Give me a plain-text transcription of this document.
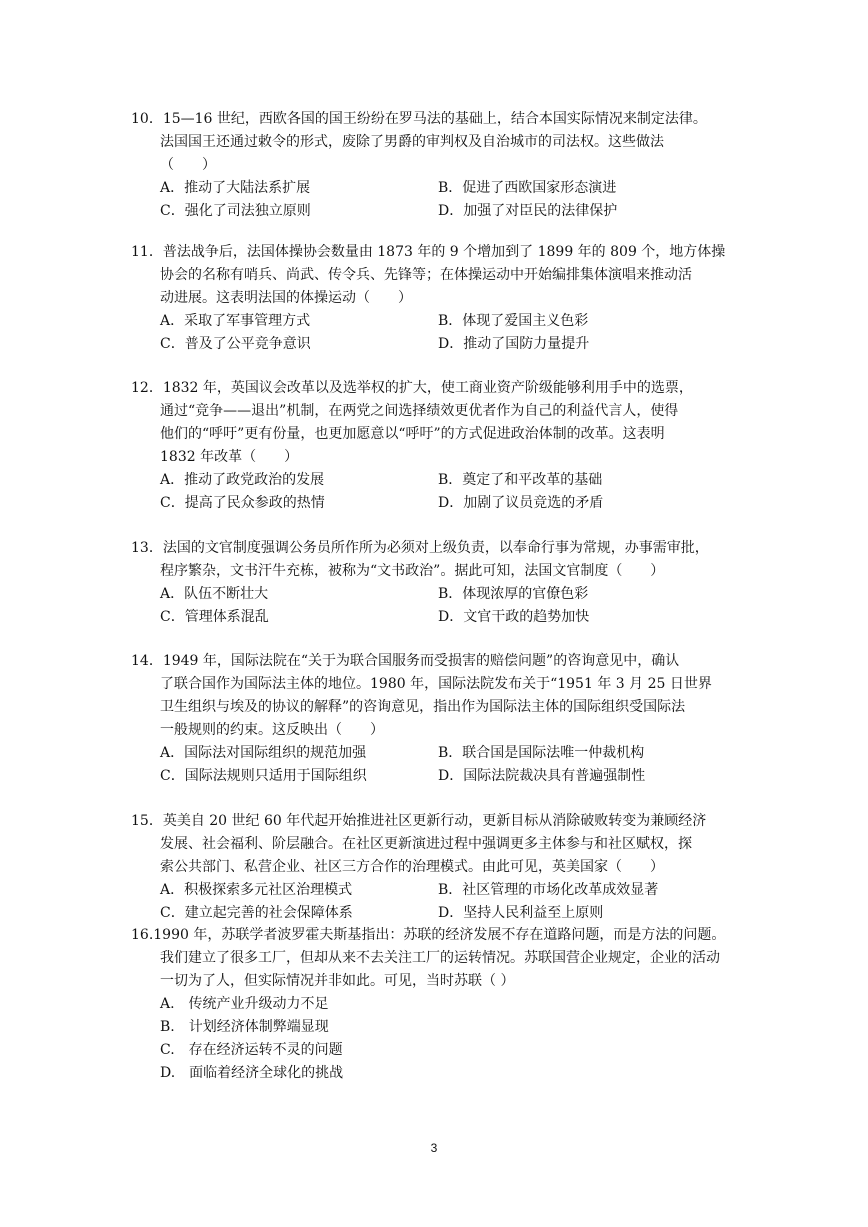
10．15—16 世纪，西欧各国的国王纷纷在罗马法的基础上，结合本国实际情况来制定法律。
法国国王还通过敕令的形式，废除了男爵的审判权及自治城市的司法权。这些做法
（　　）
A．推动了大陆法系扩展	B．促进了西欧国家形态演进
C．强化了司法独立原则	D．加强了对臣民的法律保护
11．普法战争后，法国体操协会数量由 1873 年的 9 个增加到了 1899 年的 809 个，地方体操
协会的名称有哨兵、尚武、传令兵、先锋等；在体操运动中开始编排集体演唱来推动活
动进展。这表明法国的体操运动（　　）
A．采取了军事管理方式	B．体现了爱国主义色彩
C．普及了公平竞争意识	D．推动了国防力量提升
12．1832 年，英国议会改革以及选举权的扩大，使工商业资产阶级能够利用手中的选票，
通过“竞争——退出”机制，在两党之间选择绩效更优者作为自己的利益代言人，使得
他们的“呼吁”更有份量，也更加愿意以“呼吁”的方式促进政治体制的改革。这表明
1832 年改革（　　）
A．推动了政党政治的发展	B．奠定了和平改革的基础
C．提高了民众参政的热情	D．加剧了议员竞选的矛盾
13．法国的文官制度强调公务员所作所为必须对上级负责，以奉命行事为常规，办事需审批，
程序繁杂，文书汗牛充栋，被称为“文书政治”。据此可知，法国文官制度（　　）
A．队伍不断壮大	B．体现浓厚的官僚色彩
C．管理体系混乱	D．文官干政的趋势加快
14．1949 年，国际法院在“关于为联合国服务而受损害的赔偿问题”的咨询意见中，确认
了联合国作为国际法主体的地位。1980 年，国际法院发布关于“1951 年 3 月 25 日世界
卫生组织与埃及的协议的解释”的咨询意见，指出作为国际法主体的国际组织受国际法
一般规则的约束。这反映出（　　）
A．国际法对国际组织的规范加强	B．联合国是国际法唯一仲裁机构
C．国际法规则只适用于国际组织	D．国际法院裁决具有普遍强制性
15．英美自 20 世纪 60 年代起开始推进社区更新行动，更新目标从消除破败转变为兼顾经济
发展、社会福利、阶层融合。在社区更新演进过程中强调更多主体参与和社区赋权，探
索公共部门、私营企业、社区三方合作的治理模式。由此可见，英美国家（　　）
A．积极探索多元社区治理模式	B．社区管理的市场化改革成效显著
C．建立起完善的社会保障体系	D．坚持人民利益至上原则
16.1990 年，苏联学者波罗霍夫斯基指出：苏联的经济发展不存在道路问题，而是方法的问题。
我们建立了很多工厂，但却从来不去关注工厂的运转情况。苏联国营企业规定，企业的活动
一切为了人，但实际情况并非如此。可见，当时苏联（ ）
A.　传统产业升级动力不足
B.　计划经济体制弊端显现
C.　存在经济运转不灵的问题
D.　面临着经济全球化的挑战
3
